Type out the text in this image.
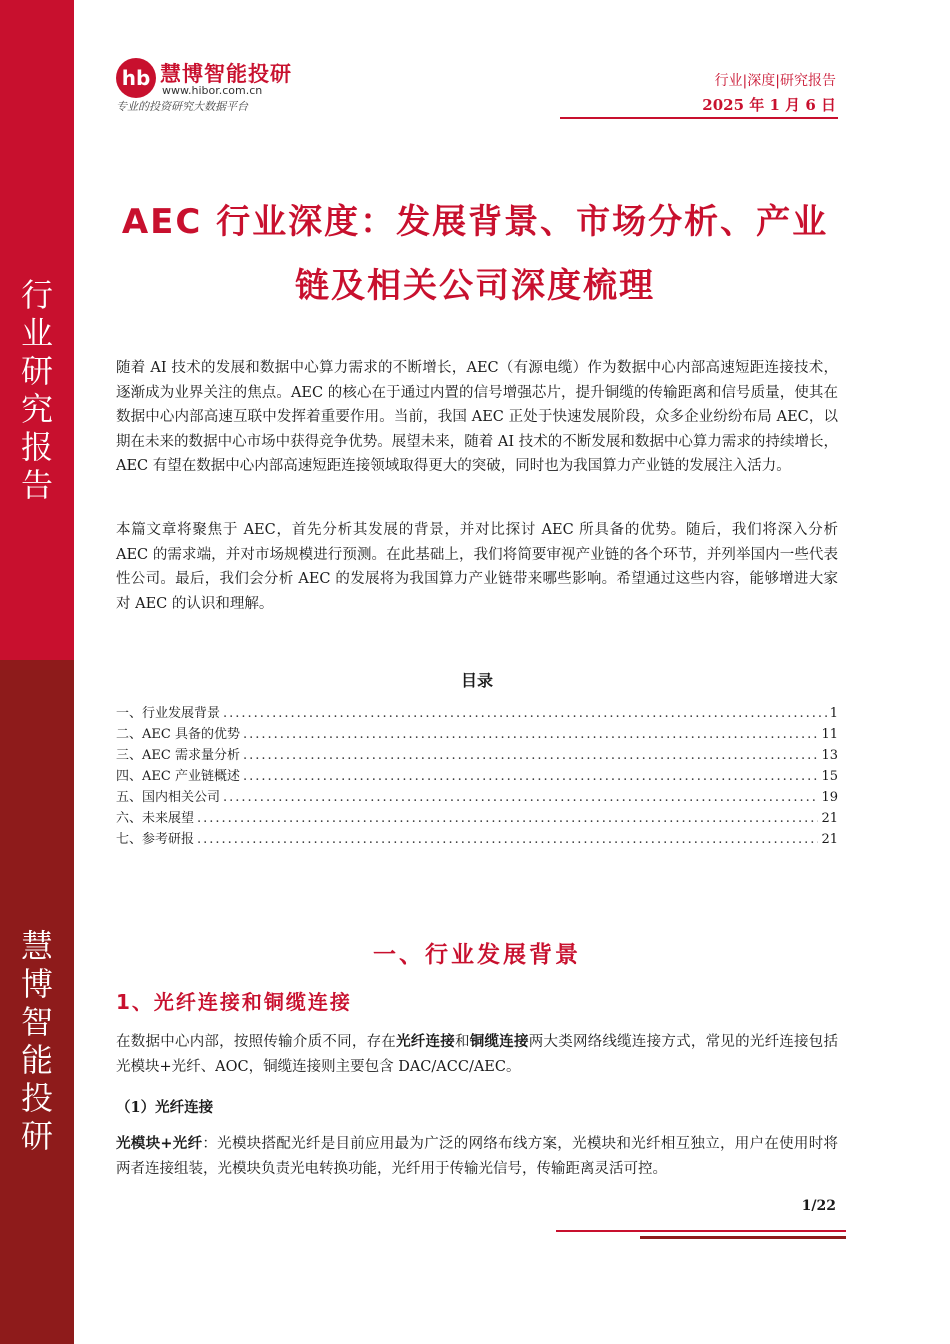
行
业
研
究
报
告
慧
博
智
能
投
研
hb 慧博智能投研
www.hibor.com.cn
专业的投资研究大数据平台
行业|深度|研究报告
2025 年 1 月 6 日
AEC 行业深度：发展背景、市场分析、产业
链及相关公司深度梳理
随着 AI 技术的发展和数据中心算力需求的不断增长，AEC（有源电缆）作为数据中心内部高速短距连接技术，逐渐成为业界关注的焦点。AEC 的核心在于通过内置的信号增强芯片，提升铜缆的传输距离和信号质量，使其在数据中心内部高速互联中发挥着重要作用。当前，我国 AEC 正处于快速发展阶段，众多企业纷纷布局 AEC，以期在未来的数据中心市场中获得竞争优势。展望未来，随着 AI 技术的不断发展和数据中心算力需求的持续增长，AEC 有望在数据中心内部高速短距连接领域取得更大的突破，同时也为我国算力产业链的发展注入活力。
本篇文章将聚焦于 AEC，首先分析其发展的背景，并对比探讨 AEC 所具备的优势。随后，我们将深入分析 AEC 的需求端，并对市场规模进行预测。在此基础上，我们将简要审视产业链的各个环节，并列举国内一些代表性公司。最后，我们会分析 AEC 的发展将为我国算力产业链带来哪些影响。希望通过这些内容，能够增进大家对 AEC 的认识和理解。
目录
一、行业发展背景 .....	1
二、AEC 具备的优势 .....	11
三、AEC 需求量分析 .....	13
四、AEC 产业链概述 .....	15
五、国内相关公司 .....	19
六、未来展望 .....	21
七、参考研报 .....	21
一、行业发展背景
1、光纤连接和铜缆连接
在数据中心内部，按照传输介质不同，存在光纤连接和铜缆连接两大类网络线缆连接方式，常见的光纤连接包括光模块+光纤、AOC，铜缆连接则主要包含 DAC/ACC/AEC。
（1）光纤连接
光模块+光纤：光模块搭配光纤是目前应用最为广泛的网络布线方案，光模块和光纤相互独立，用户在使用时将两者连接组装，光模块负责光电转换功能，光纤用于传输光信号，传输距离灵活可控。
1/22
